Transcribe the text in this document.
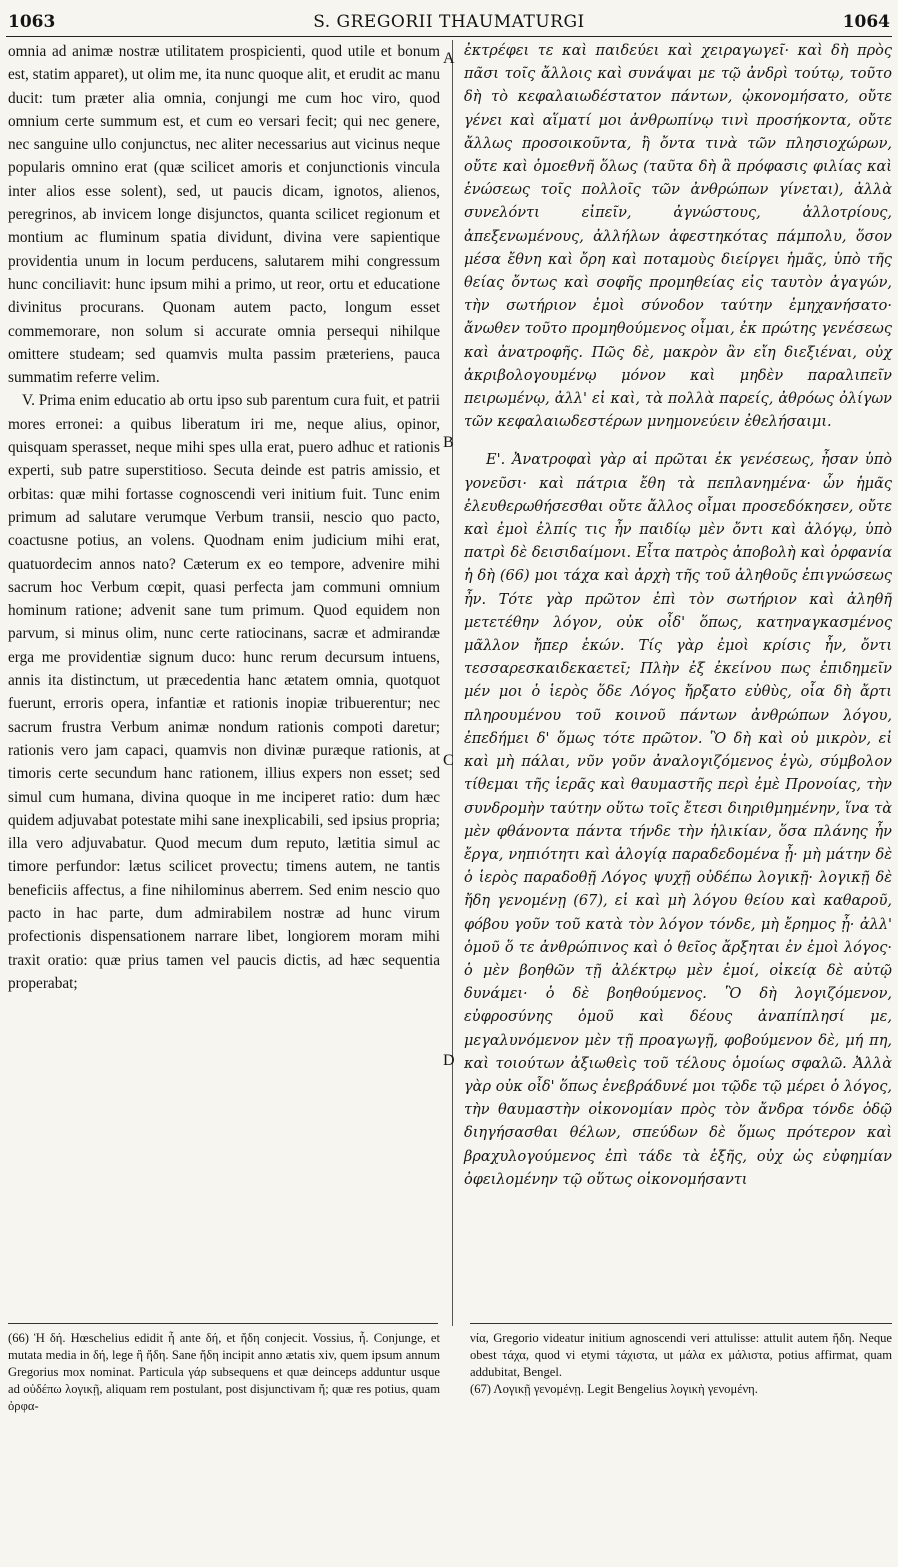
1063	S. GREGORII THAUMATURGI	1064

omnia ad animæ nostræ utilitatem prospicienti, quod utile et bonum est, statim apparet), ut olim me, ita nunc quoque alit, et erudit ac manu ducit: tum præter alia omnia, conjungi me cum hoc viro, quod omnium certe summum est, et cum eo versari fecit; qui nec genere, nec sanguine ullo conjunctus, nec aliter necessarius aut vicinus neque popularis omnino erat (quæ scilicet amoris et conjunctionis vincula inter alios esse solent), sed, ut paucis dicam, ignotos, alienos, peregrinos, ab invicem longe disjunctos, quanta scilicet regionum et montium ac fluminum spatia dividunt, divina vere sapientique providentia unum in locum perducens, salutarem mihi congressum hunc conciliavit: hunc ipsum mihi a primo, ut reor, ortu et educatione divinitus procurans. Quonam autem pacto, longum esset commemorare, non solum si accurate omnia persequi nihilque omittere studeam; sed quamvis multa passim præteriens, pauca summatim referre velim.

V. Prima enim educatio ab ortu ipso sub parentum cura fuit, et patrii mores erronei: a quibus liberatum iri me, neque alius, opinor, quisquam sperasset, neque mihi spes ulla erat, puero adhuc et rationis experti, sub patre superstitioso. Secuta deinde est patris amissio, et orbitas: quæ mihi fortasse cognoscendi veri initium fuit. Tunc enim primum ad salutare verumque Verbum transii, nescio quo pacto, coactusne potius, an volens. Quodnam enim judicium mihi erat, quatuordecim annos nato? Cæterum ex eo tempore, advenire mihi sacrum hoc Verbum cœpit, quasi perfecta jam communi omnium hominum ratione; advenit sane tum primum. Quod equidem non parvum, si minus olim, nunc certe ratiocinans, sacræ et admirandæ erga me providentiæ signum duco: hunc rerum decursum intuens, annis ita distinctum, ut præcedentia hanc ætatem omnia, quotquot fuerunt, erroris opera, infantiæ et rationis inopiæ tribuerentur; nec sacrum frustra Verbum animæ nondum rationis compoti daretur; rationis vero jam capaci, quamvis non divinæ puræque rationis, at timoris certe secundum hanc rationem, illius expers non esset; sed simul cum humana, divina quoque in me inciperet ratio: dum hæc quidem adjuvabat potestate mihi sane inexplicabili, sed ipsius propria; illa vero adjuvabatur. Quod mecum dum reputo, lætitia simul ac timore perfundor: lætus scilicet provectu; timens autem, ne tantis beneficiis affectus, a fine nihilominus aberrem. Sed enim nescio quo pacto in hac parte, dum admirabilem nostræ ad hunc virum profectionis dispensationem narrare libet, longiorem moram mihi traxit oratio: quæ prius tamen vel paucis dictis, ad hæc sequentia properabat;

A
B
C
D

ἐκτρέφει τε καὶ παιδεύει καὶ χειραγωγεῖ· καὶ δὴ πρὸς πᾶσι τοῖς ἄλλοις καὶ συνάψαι με τῷ ἀνδρὶ τούτῳ, τοῦτο δὴ τὸ κεφαλαιωδέστατον πάντων, ᾠκονομήσατο, οὔτε γένει καὶ αἵματί μοι ἀνθρωπίνῳ τινὶ προσήκοντα, οὔτε ἄλλως προσοικοῦντα, ἢ ὄντα τινὰ τῶν πλησιοχώρων, οὔτε καὶ ὁμοεθνῆ ὅλως (ταῦτα δὴ ἃ πρόφασις φιλίας καὶ ἑνώσεως τοῖς πολλοῖς τῶν ἀνθρώπων γίνεται), ἀλλὰ συνελόντι εἰπεῖν, ἀγνώστους, ἀλλοτρίους, ἀπεξενωμένους, ἀλλήλων ἀφεστηκότας πάμπολυ, ὅσον μέσα ἔθνη καὶ ὄρη καὶ ποταμοὺς διείργει ἡμᾶς, ὑπὸ τῆς θείας ὄντως καὶ σοφῆς προμηθείας εἰς ταυτὸν ἀγαγών, τὴν σωτήριον ἐμοὶ σύνοδον ταύτην ἐμηχανήσατο· ἄνωθεν τοῦτο προμηθούμενος οἶμαι, ἐκ πρώτης γενέσεως καὶ ἀνατροφῆς. Πῶς δὲ, μακρὸν ἂν εἴη διεξιέναι, οὐχ ἀκριβολογουμένῳ μόνον καὶ μηδὲν παραλιπεῖν πειρωμένῳ, ἀλλ' εἰ καὶ, τὰ πολλὰ παρείς, ἀθρόως ὀλίγων τῶν κεφαλαιωδεστέρων μνημονεύειν ἐθελήσαιμι.

Ε'. Ἀνατροφαὶ γὰρ αἱ πρῶται ἐκ γενέσεως, ἦσαν ὑπὸ γονεῦσι· καὶ πάτρια ἔθη τὰ πεπλανημένα· ὧν ἡμᾶς ἐλευθερωθήσεσθαι οὔτε ἄλλος οἶμαι προσεδόκησεν, οὔτε καὶ ἐμοὶ ἐλπίς τις ἦν παιδίῳ μὲν ὄντι καὶ ἀλόγῳ, ὑπὸ πατρὶ δὲ δεισιδαίμονι. Εἶτα πατρὸς ἀποβολὴ καὶ ὀρφανία ἡ δὴ (66) μοι τάχα καὶ ἀρχὴ τῆς τοῦ ἀληθοῦς ἐπιγνώσεως ἦν. Τότε γὰρ πρῶτον ἐπὶ τὸν σωτήριον καὶ ἀληθῆ μετετέθην λόγον, οὐκ οἶδ' ὅπως, κατηναγκασμένος μᾶλλον ἤπερ ἑκών. Τίς γὰρ ἐμοὶ κρίσις ἦν, ὄντι τεσσαρεσκαιδεκαετεῖ; Πλὴν ἐξ ἐκείνου πως ἐπιδημεῖν μέν μοι ὁ ἱερὸς ὅδε Λόγος ἤρξατο εὐθὺς, οἷα δὴ ἄρτι πληρουμένου τοῦ κοινοῦ πάντων ἀνθρώπων λόγου, ἐπεδήμει δ' ὅμως τότε πρῶτον. Ὃ δὴ καὶ οὐ μικρὸν, εἰ καὶ μὴ πάλαι, νῦν γοῦν ἀναλογιζόμενος ἐγὼ, σύμβολον τίθεμαι τῆς ἱερᾶς καὶ θαυμαστῆς περὶ ἐμὲ Προνοίας, τὴν συνδρομὴν ταύτην οὕτω τοῖς ἔτεσι διηριθμημένην, ἵνα τὰ μὲν φθάνοντα πάντα τήνδε τὴν ἡλικίαν, ὅσα πλάνης ἦν ἔργα, νηπιότητι καὶ ἀλογίᾳ παραδεδομένα ᾖ· μὴ μάτην δὲ ὁ ἱερὸς παραδοθῇ Λόγος ψυχῇ οὐδέπω λογικῇ· λογικῇ δὲ ἤδη γενομένῃ (67), εἰ καὶ μὴ λόγου θείου καὶ καθαροῦ, φόβου γοῦν τοῦ κατὰ τὸν λόγον τόνδε, μὴ ἔρημος ᾖ· ἀλλ' ὁμοῦ ὅ τε ἀνθρώπινος καὶ ὁ θεῖος ἄρξηται ἐν ἐμοὶ λόγος· ὁ μὲν βοηθῶν τῇ ἀλέκτρῳ μὲν ἐμοί, οἰκείᾳ δὲ αὐτῷ δυνάμει· ὁ δὲ βοηθούμενος. Ὃ δὴ λογιζόμενον, εὐφροσύνης ὁμοῦ καὶ δέους ἀναπίπλησί με, μεγαλυνόμενον μὲν τῇ προαγωγῇ, φοβούμενον δὲ, μή πη, καὶ τοιούτων ἀξιωθεὶς τοῦ τέλους ὁμοίως σφαλῶ. Ἀλλὰ γὰρ οὐκ οἶδ' ὅπως ἐνεβράδυνέ μοι τῷδε τῷ μέρει ὁ λόγος, τὴν θαυμαστὴν οἰκονομίαν πρὸς τὸν ἄνδρα τόνδε ὁδῷ διηγήσασθαι θέλων, σπεύδων δὲ ὅμως πρότερον καὶ βραχυλογούμενος ἐπὶ τάδε τὰ ἑξῆς, οὐχ ὡς εὐφημίαν ὀφειλομένην τῷ οὕτως οἰκονομήσαντι

(66) Ἡ δή. Hœschelius edidit ἦ ante δή, et ἤδη conjecit. Vossius, ἦ. Conjunge, et mutata media in δή, lege ἢ ἤδη. Sane ἤδη incipit anno ætatis xiv, quem ipsum annum Gregorius mox nominat. Particula γάρ subsequens et quæ deinceps adduntur usque ad οὐδέπω λογικῇ, aliquam rem postulant, post disjunctivam ἤ; quæ res potius, quam ὀρφα-

νία, Gregorio videatur initium agnoscendi veri attulisse: attulit autem ἤδη. Neque obest τάχα, quod vi etymi τάχιστα, ut μάλα ex μάλιστα, potius affirmat, quam addubitat, Bengel.

(67) Λογικῇ γενομένῃ. Legit Bengelius λογικὴ γενομένη.
